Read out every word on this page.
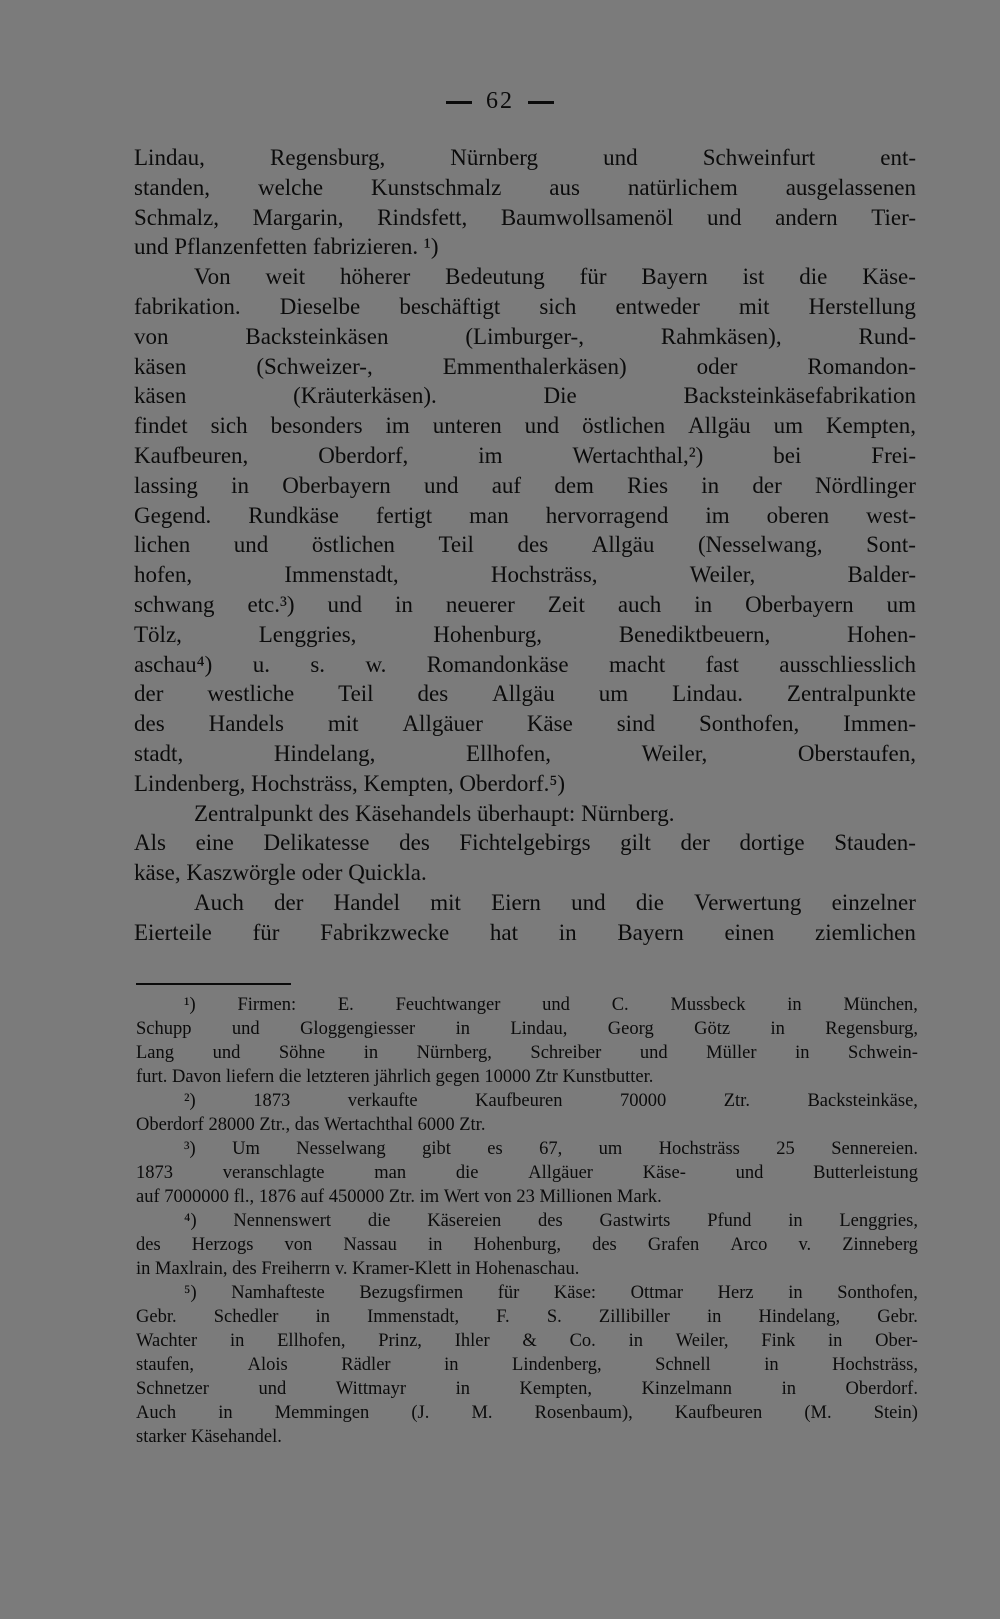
62
Lindau,	Regensburg,	Nürnberg	und	Schweinfurt	ent-
standen, welche Kunstschmalz aus natürlichem ausgelassenen
Schmalz, Margarin, Rindsfett, Baumwollsamenöl und andern Tier-
und Pflanzenfetten fabrizieren. ¹)
Von weit höherer Bedeutung für Bayern ist die Käse-
fabrikation. Dieselbe beschäftigt sich entweder mit Herstellung
von	Backsteinkäsen	(Limburger-,	Rahmkäsen),	Rund-
käsen	(Schweizer-,	Emmenthalerkäsen)	oder	Romandon-
käsen	(Kräuterkäsen).	Die	Backsteinkäsefabrikation
findet sich besonders im unteren und östlichen Allgäu um Kempten,
Kaufbeuren,	Oberdorf,	im	Wertachthal,²)	bei	Frei-
lassing in Oberbayern und auf dem Ries in der Nördlinger
Gegend. Rundkäse fertigt man hervorragend im oberen west-
lichen und östlichen Teil des Allgäu (Nesselwang, Sont-
hofen,	Immenstadt,	Hochsträss,	Weiler,	Balder-
schwang etc.³) und in neuerer Zeit auch in Oberbayern um
Tölz,	Lenggries,	Hohenburg,	Benediktbeuern,	Hohen-
aschau⁴) u. s. w. Romandonkäse macht fast ausschliesslich
der westliche Teil des Allgäu um Lindau. Zentralpunkte
des Handels mit Allgäuer Käse sind Sonthofen, Immen-
stadt,	Hindelang,	Ellhofen,	Weiler,	Oberstaufen,
Lindenberg, Hochsträss, Kempten, Oberdorf.⁵)
Zentralpunkt des Käsehandels überhaupt: Nürnberg.
Als eine Delikatesse des Fichtelgebirgs gilt der dortige Stauden-
käse, Kaszwörgle oder Quickla.
Auch der Handel mit Eiern und die Verwertung einzelner
Eierteile für Fabrikzwecke hat in Bayern einen ziemlichen
¹) Firmen: E. Feuchtwanger und C. Mussbeck in München,
Schupp und Gloggengiesser in Lindau, Georg Götz in Regensburg,
Lang und Söhne in Nürnberg, Schreiber und Müller in Schwein-
furt. Davon liefern die letzteren jährlich gegen 10000 Ztr Kunstbutter.
²)	1873	verkaufte	Kaufbeuren	70000	Ztr.	Backsteinkäse,
Oberdorf 28000 Ztr., das Wertachthal 6000 Ztr.
³) Um Nesselwang gibt es 67, um Hochsträss 25 Sennereien.
1873	veranschlagte	man	die	Allgäuer	Käse-	und	Butterleistung
auf 7000000 fl., 1876 auf 450000 Ztr. im Wert von 23 Millionen Mark.
⁴) Nennenswert die Käsereien des Gastwirts Pfund in Lenggries,
des Herzogs von Nassau in Hohenburg, des Grafen Arco v. Zinneberg
in Maxlrain, des Freiherrn v. Kramer-Klett in Hohenaschau.
⁵) Namhafteste Bezugsfirmen für Käse: Ottmar Herz in Sonthofen,
Gebr. Schedler in Immenstadt, F. S. Zillibiller in Hindelang, Gebr.
Wachter in Ellhofen, Prinz, Ihler & Co. in Weiler, Fink in Ober-
staufen,	Alois	Rädler	in	Lindenberg,	Schnell	in	Hochsträss,
Schnetzer	und	Wittmayr	in	Kempten,	Kinzelmann	in	Oberdorf.
Auch in Memmingen (J. M. Rosenbaum), Kaufbeuren (M. Stein)
starker Käsehandel.
